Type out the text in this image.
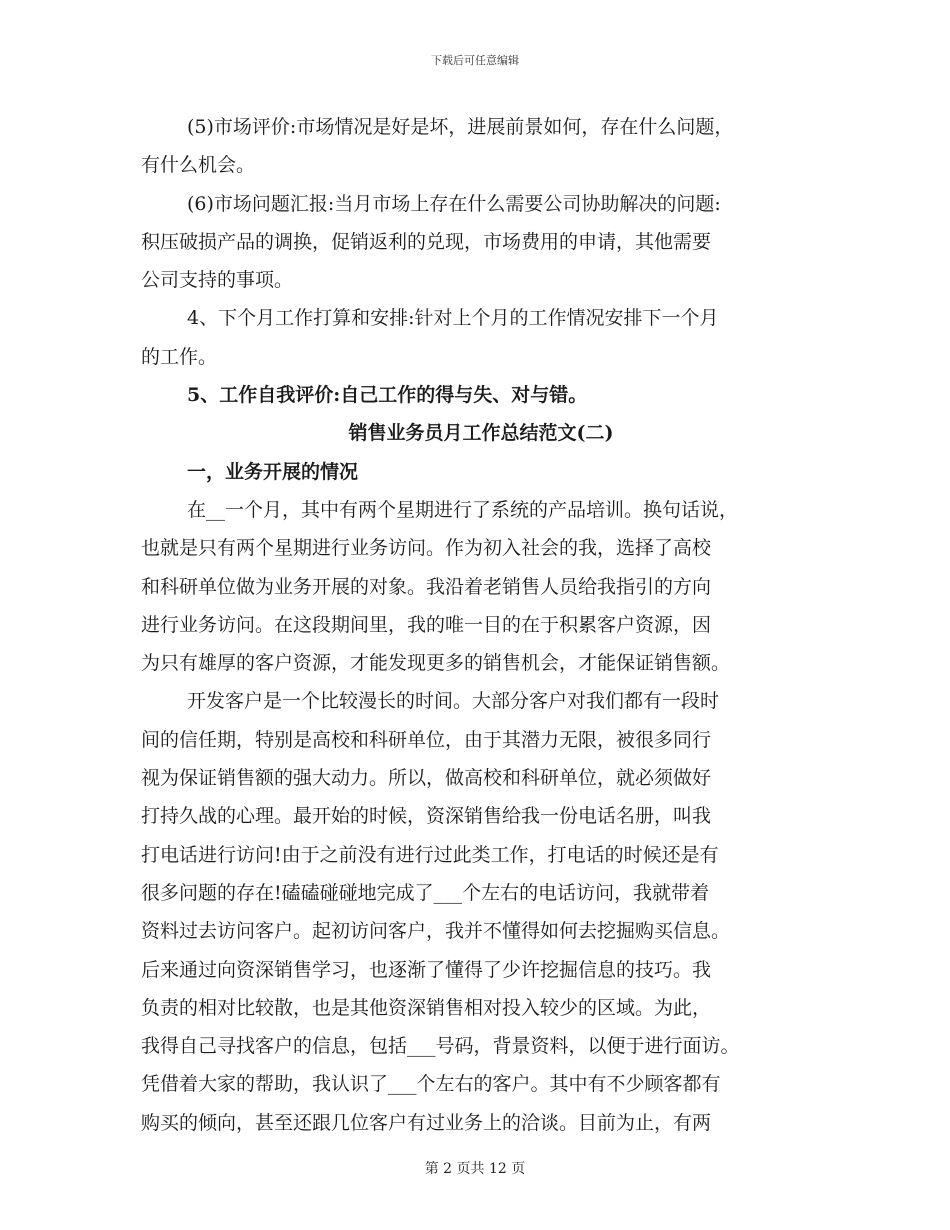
下载后可任意编辑
(5)市场评价:市场情况是好是坏，进展前景如何，存在什么问题，
有什么机会。
(6)市场问题汇报:当月市场上存在什么需要公司协助解决的问题:
积压破损产品的调换，促销返利的兑现，市场费用的申请，其他需要
公司支持的事项。
4、下个月工作打算和安排:针对上个月的工作情况安排下一个月
的工作。
5、工作自我评价:自己工作的得与失、对与错。
销售业务员月工作总结范文(二)
一，业务开展的情况
在__一个月，其中有两个星期进行了系统的产品培训。换句话说，
也就是只有两个星期进行业务访问。作为初入社会的我，选择了高校
和科研单位做为业务开展的对象。我沿着老销售人员给我指引的方向
进行业务访问。在这段期间里，我的唯一目的在于积累客户资源，因
为只有雄厚的客户资源，才能发现更多的销售机会，才能保证销售额。
开发客户是一个比较漫长的时间。大部分客户对我们都有一段时
间的信任期，特别是高校和科研单位，由于其潜力无限，被很多同行
视为保证销售额的强大动力。所以，做高校和科研单位，就必须做好
打持久战的心理。最开始的时候，资深销售给我一份电话名册，叫我
打电话进行访问!由于之前没有进行过此类工作，打电话的时候还是有
很多问题的存在!磕磕碰碰地完成了___个左右的电话访问，我就带着
资料过去访问客户。起初访问客户，我并不懂得如何去挖掘购买信息。
后来通过向资深销售学习，也逐渐了懂得了少许挖掘信息的技巧。我
负责的相对比较散，也是其他资深销售相对投入较少的区域。为此，
我得自己寻找客户的信息，包括___号码，背景资料，以便于进行面访。
凭借着大家的帮助，我认识了___个左右的客户。其中有不少顾客都有
购买的倾向，甚至还跟几位客户有过业务上的洽谈。目前为止，有两
第 2 页共 12 页
